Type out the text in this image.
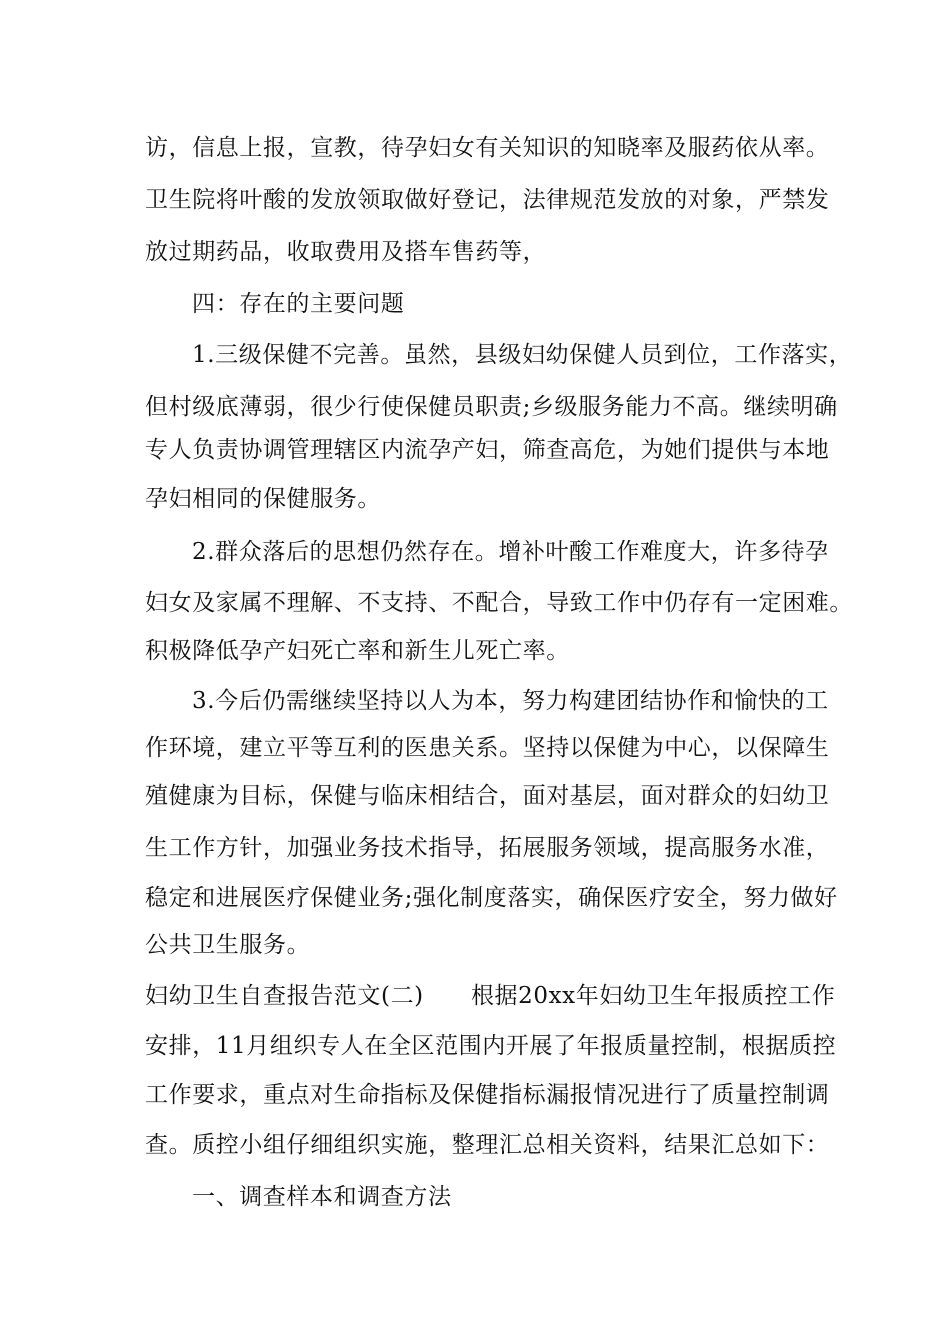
访，信息上报，宣教，待孕妇女有关知识的知晓率及服药依从率。
卫生院将叶酸的发放领取做好登记，法律规范发放的对象，严禁发
放过期药品，收取费用及搭车售药等，
四：存在的主要问题
1.三级保健不完善。虽然，县级妇幼保健人员到位，工作落实，
但村级底薄弱，很少行使保健员职责;乡级服务能力不高。继续明确
专人负责协调管理辖区内流孕产妇，筛查高危，为她们提供与本地
孕妇相同的保健服务。
2.群众落后的思想仍然存在。增补叶酸工作难度大，许多待孕
妇女及家属不理解、不支持、不配合，导致工作中仍存有一定困难。
积极降低孕产妇死亡率和新生儿死亡率。
3.今后仍需继续坚持以人为本，努力构建团结协作和愉快的工
作环境，建立平等互利的医患关系。坚持以保健为中心，以保障生
殖健康为目标，保健与临床相结合，面对基层，面对群众的妇幼卫
生工作方针，加强业务技术指导，拓展服务领域，提高服务水准，
稳定和进展医疗保健业务;强化制度落实，确保医疗安全，努力做好
公共卫生服务。
妇幼卫生自查报告范文(二)　　根据20xx年妇幼卫生年报质控工作
安排，11月组织专人在全区范围内开展了年报质量控制，根据质控
工作要求，重点对生命指标及保健指标漏报情况进行了质量控制调
查。质控小组仔细组织实施，整理汇总相关资料，结果汇总如下：
一、调查样本和调查方法
